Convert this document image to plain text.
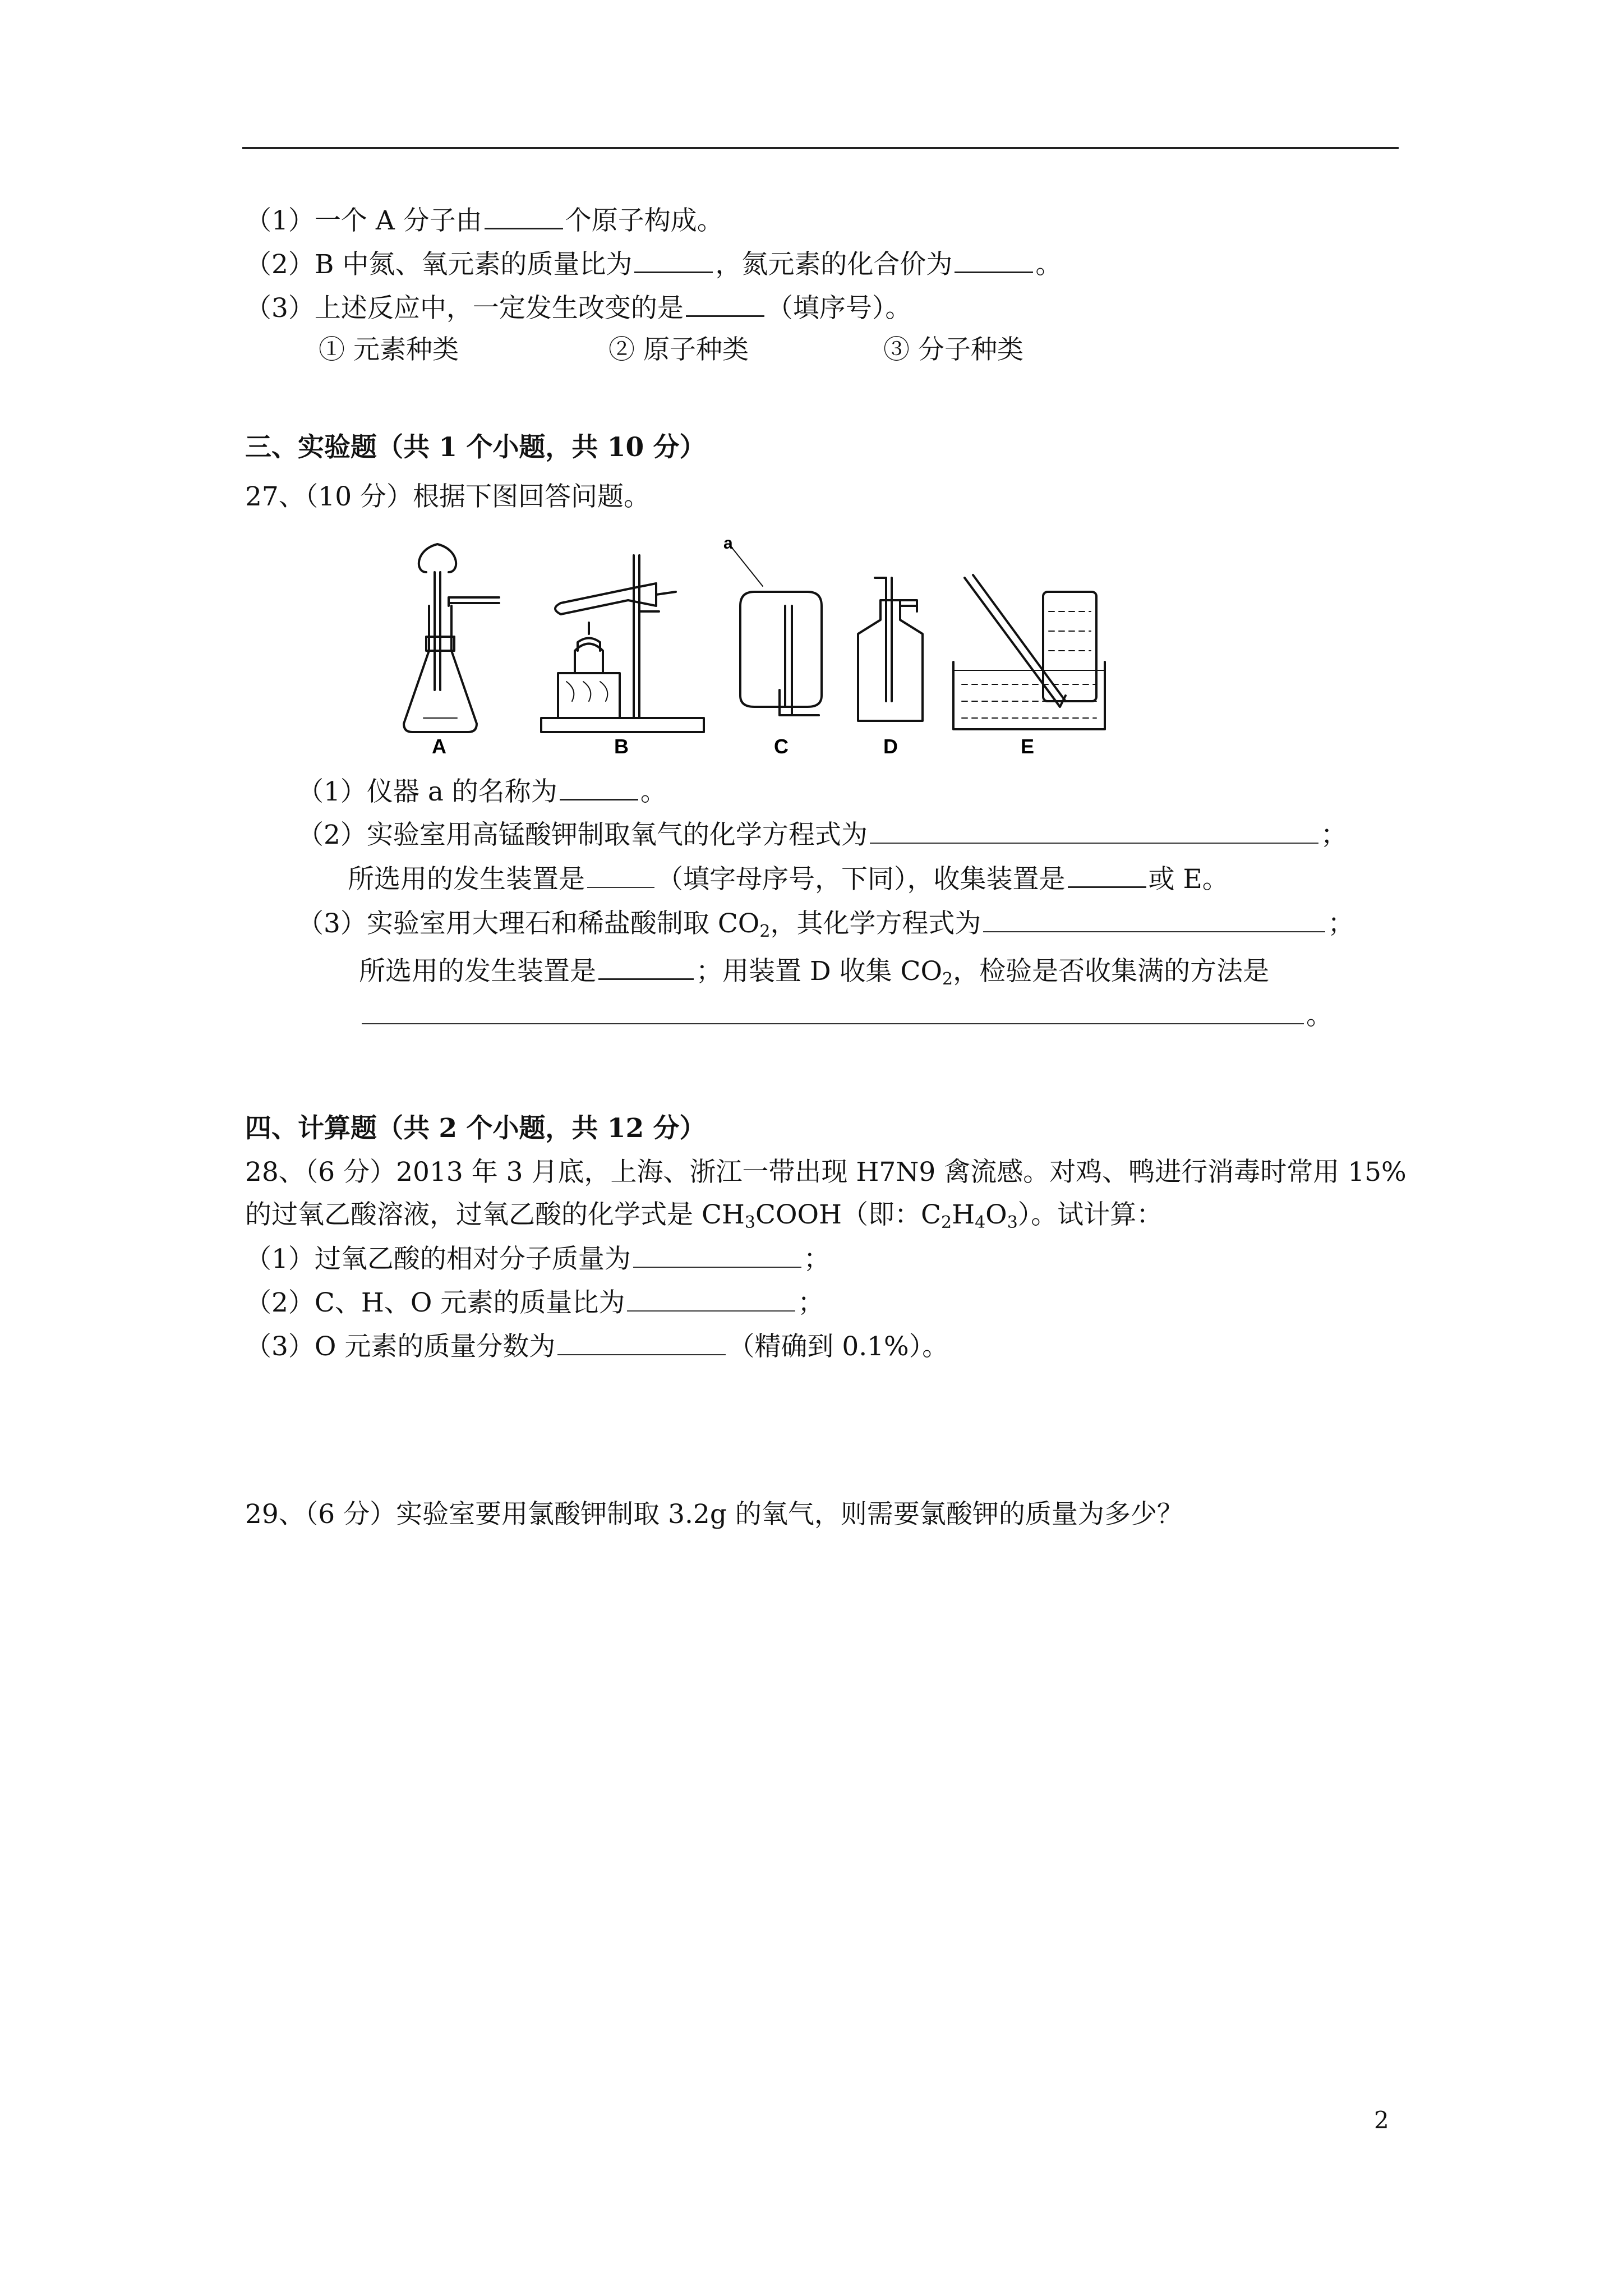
（1）一个 A 分子由	个原子构成。
（2）B 中氮、氧元素的质量比为	，氮元素的化合价为	。
（3）上述反应中，一定发生改变的是	（填序号）。
① 元素种类	② 原子种类	③ 分子种类
三、实验题（共 1 个小题，共 10 分）
27、（10 分）根据下图回答问题。
A	B	C	D	E
a
（1）仪器 a 的名称为	。
（2）实验室用高锰酸钾制取氧气的化学方程式为	；
所选用的发生装置是	（填字母序号，下同），收集装置是	或 E。
（3）实验室用大理石和稀盐酸制取 $CO_2$，其化学方程式为	；
所选用的发生装置是	；用装置 D 收集 $CO_2$，检验是否收集满的方法是
。
四、计算题（共 2 个小题，共 12 分）
28、（6 分）2013 年 3 月底，上海、浙江一带出现 H7N9 禽流感。对鸡、鸭进行消毒时常用 15%
的过氧乙酸溶液，过氧乙酸的化学式是 $CH_3COOH$（即：$C_2H_4O_3$）。试计算：
（1）过氧乙酸的相对分子质量为	；
（2）C、H、O 元素的质量比为	；
（3）O 元素的质量分数为	（精确到 0.1%）。
29、（6 分）实验室要用氯酸钾制取 3.2g 的氧气，则需要氯酸钾的质量为多少？
2
